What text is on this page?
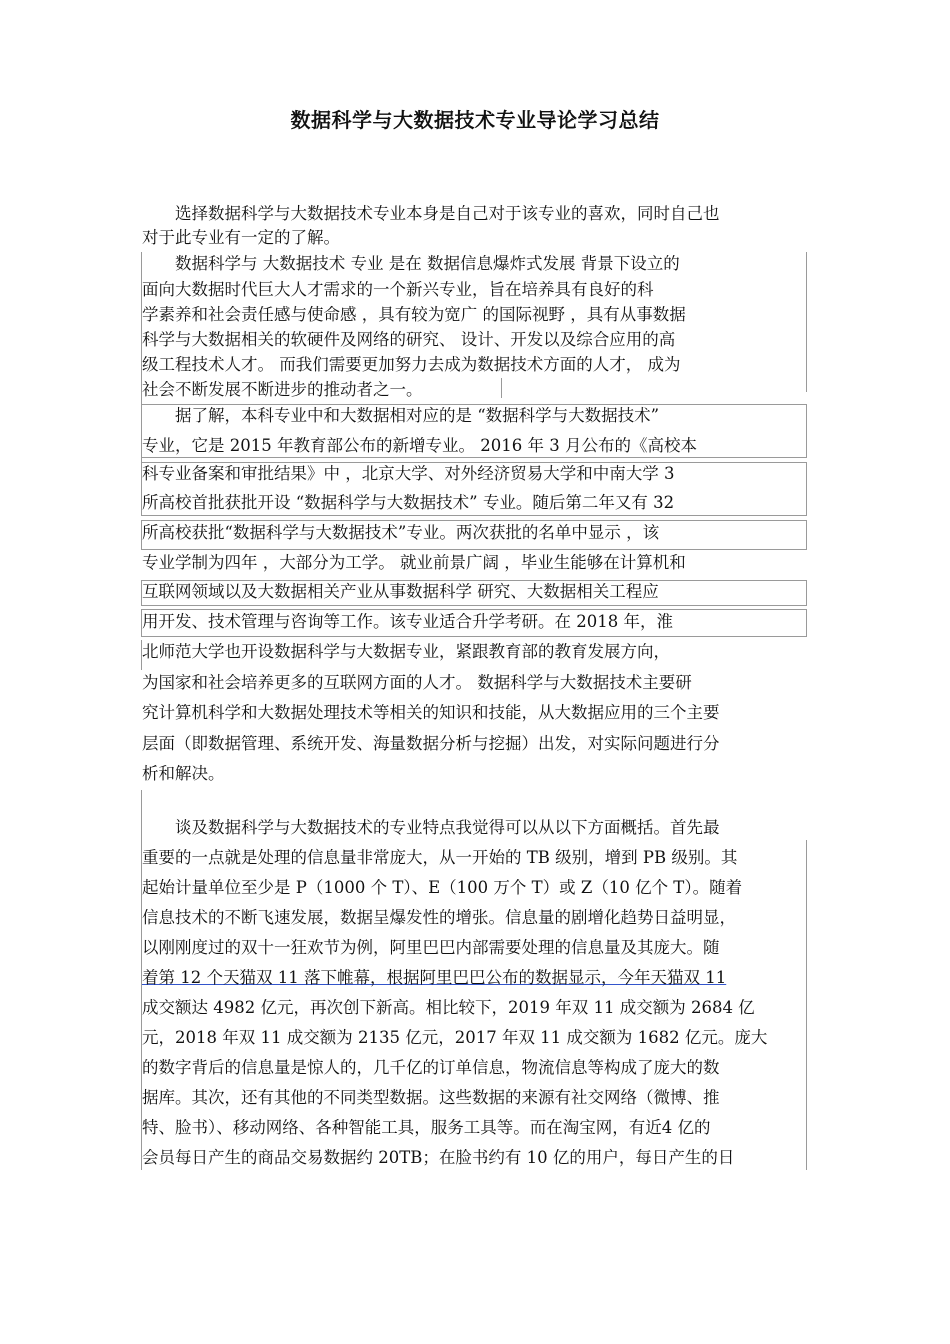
数据科学与大数据技术专业导论学习总结
　　选择数据科学与大数据技术专业本身是自己对于该专业的喜欢，同时自己也
对于此专业有一定的了解。
　　数据科学与 大数据技术 专业 是在 数据信息爆炸式发展 背景下设立的
面向大数据时代巨大人才需求的一个新兴专业，旨在培养具有良好的科
学素养和社会责任感与使命感 ，具有较为宽广 的国际视野 ，具有从事数据
科学与大数据相关的软硬件及网络的研究、 设计、开发以及综合应用的高
级工程技术人才。 而我们需要更加努力去成为数据技术方面的人才， 成为
社会不断发展不断进步的推动者之一。
　　据了解，本科专业中和大数据相对应的是 “数据科学与大数据技术”
专业，它是 2015 年教育部公布的新增专业。 2016 年 3 月公布的《高校本
科专业备案和审批结果》中 ，北京大学、对外经济贸易大学和中南大学 3
所高校首批获批开设 “数据科学与大数据技术” 专业。随后第二年又有 32
所高校获批“数据科学与大数据技术”专业。两次获批的名单中显示 ，该
专业学制为四年 ，大部分为工学。 就业前景广阔 ，毕业生能够在计算机和
互联网领域以及大数据相关产业从事数据科学 研究、大数据相关工程应
用开发、技术管理与咨询等工作。该专业适合升学考研。在 2018 年，淮
北师范大学也开设数据科学与大数据专业，紧跟教育部的教育发展方向，
为国家和社会培养更多的互联网方面的人才。 数据科学与大数据技术主要研
究计算机科学和大数据处理技术等相关的知识和技能，从大数据应用的三个主要
层面（即数据管理、系统开发、海量数据分析与挖掘）出发，对实际问题进行分
析和解决。
　　谈及数据科学与大数据技术的专业特点我觉得可以从以下方面概括。首先最
重要的一点就是处理的信息量非常庞大，从一开始的 TB 级别，增到 PB 级别。其
起始计量单位至少是 P（1000 个 T）、E（100 万个 T）或 Z（10 亿个 T）。随着
信息技术的不断飞速发展，数据呈爆发性的增张。信息量的剧增化趋势日益明显，
以刚刚度过的双十一狂欢节为例，阿里巴巴内部需要处理的信息量及其庞大。随
着第 12 个天猫双 11 落下帷幕，根据阿里巴巴公布的数据显示，今年天猫双 11
成交额达 4982 亿元，再次创下新高。相比较下，2019 年双 11 成交额为 2684 亿
元，2018 年双 11 成交额为 2135 亿元，2017 年双 11 成交额为 1682 亿元。庞大
的数字背后的信息量是惊人的，几千亿的订单信息，物流信息等构成了庞大的数
据库。其次，还有其他的不同类型数据。这些数据的来源有社交网络（微博、推
特、脸书）、移动网络、各种智能工具，服务工具等。而在淘宝网，有近4 亿的
会员每日产生的商品交易数据约 20TB；在脸书约有 10 亿的用户，每日产生的日
